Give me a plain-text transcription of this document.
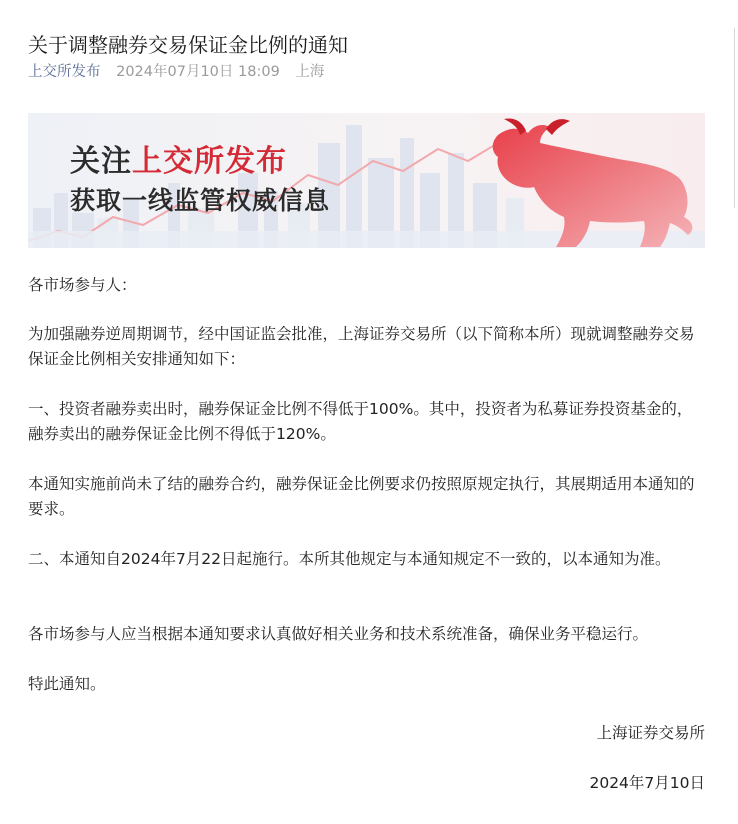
关于调整融券交易保证金比例的通知
上交所发布 2024年07月10日 18:09 上海
关注上交所发布
获取一线监管权威信息

各市场参与人：

为加强融券逆周期调节，经中国证监会批准，上海证券交易所（以下简称本所）现就调整融券交易保证金比例相关安排通知如下：

一、投资者融券卖出时，融券保证金比例不得低于100%。其中，投资者为私募证券投资基金的，融券卖出的融券保证金比例不得低于120%。

本通知实施前尚未了结的融券合约，融券保证金比例要求仍按照原规定执行，其展期适用本通知的要求。

二、本通知自2024年7月22日起施行。本所其他规定与本通知规定不一致的，以本通知为准。

各市场参与人应当根据本通知要求认真做好相关业务和技术系统准备，确保业务平稳运行。

特此通知。

上海证券交易所

2024年7月10日
